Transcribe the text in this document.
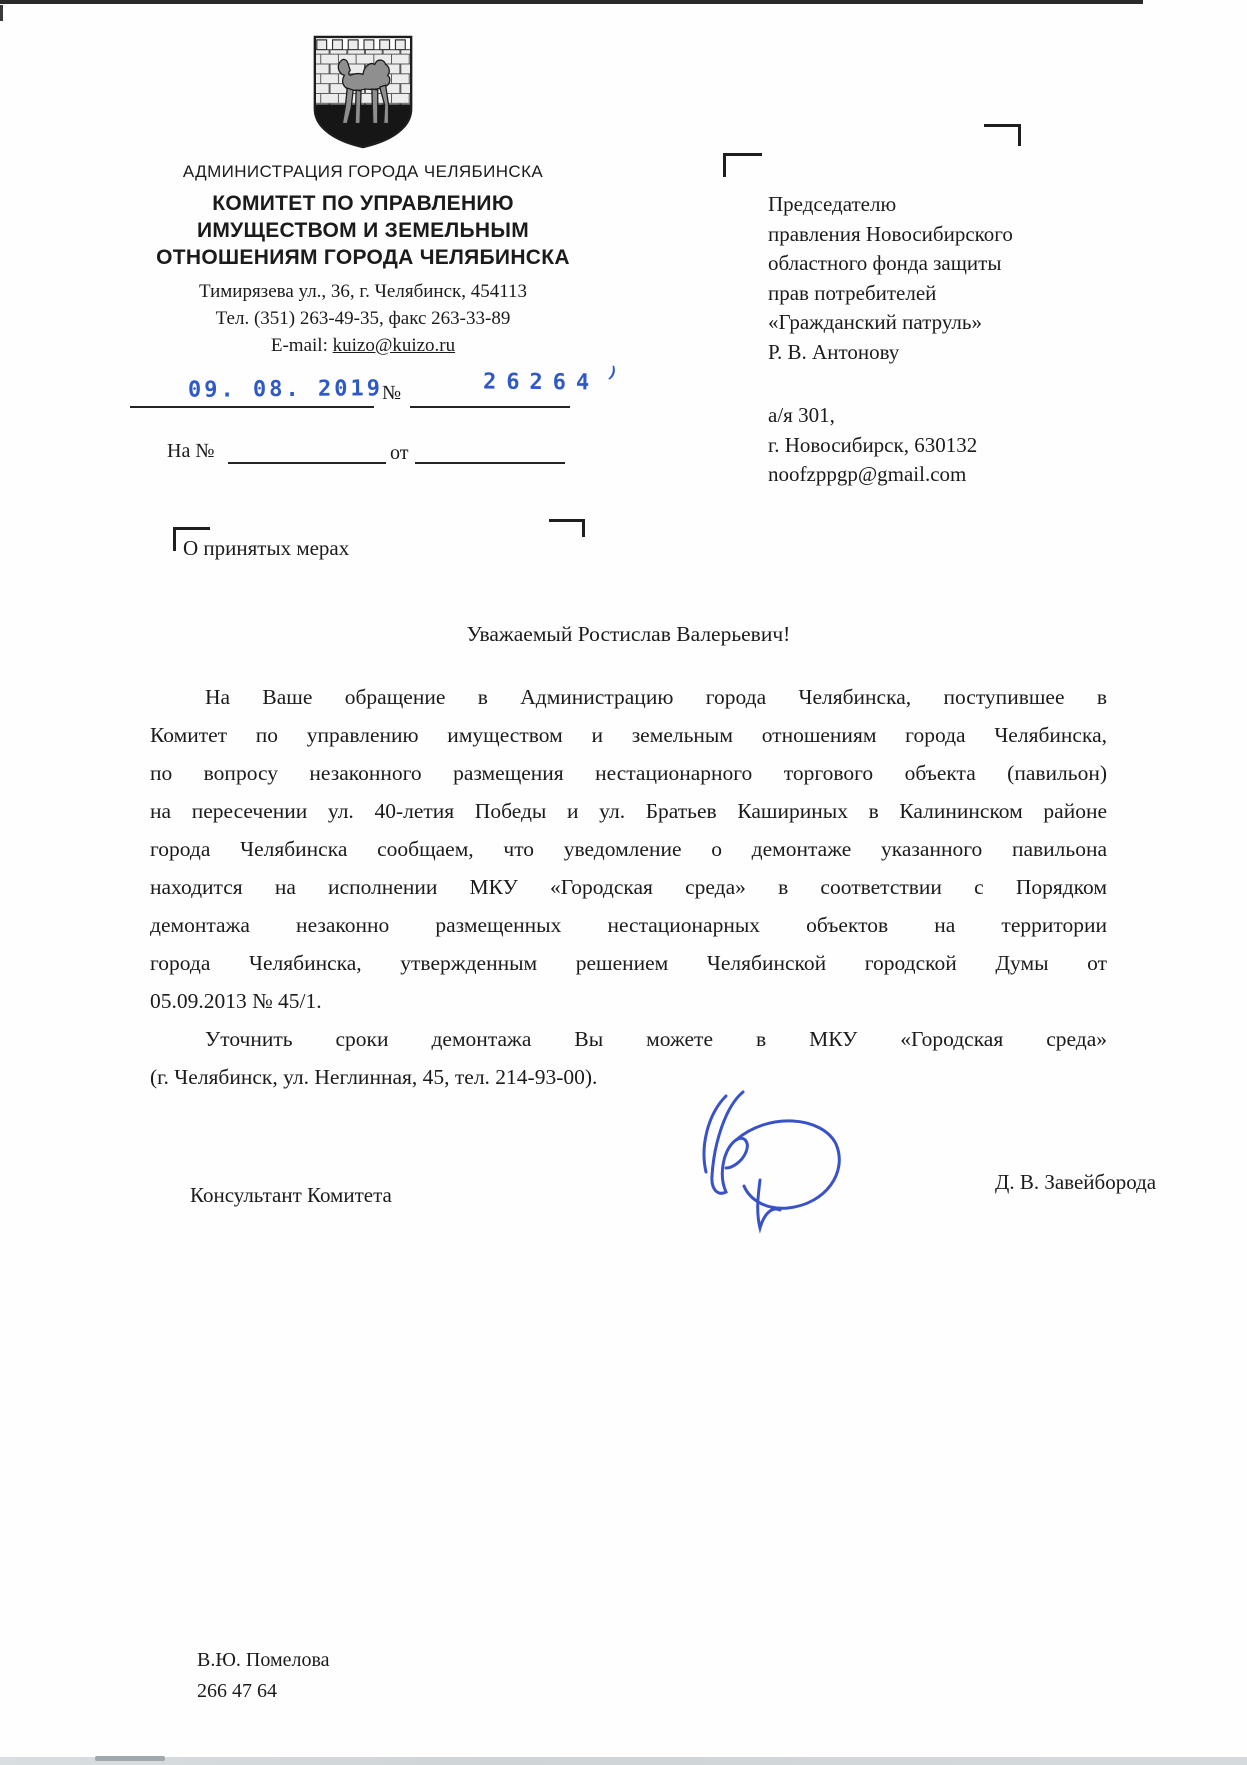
АДМИНИСТРАЦИЯ ГОРОДА ЧЕЛЯБИНСКА
КОМИТЕТ ПО УПРАВЛЕНИЮ
ИМУЩЕСТВОМ И ЗЕМЕЛЬНЫМ
ОТНОШЕНИЯМ ГОРОДА ЧЕЛЯБИНСКА
Тимирязева ул., 36, г. Челябинск, 454113
Тел. (351) 263-49-35, факс 263-33-89
E-mail: kuizo@kuizo.ru
09. 08. 2019
№	26264 )
На №	от
Председателю
правления Новосибирского
областного фонда защиты
прав потребителей
«Гражданский патруль»
Р. В. Антонову
а/я 301,
г. Новосибирск, 630132
noofzppgp@gmail.com
О принятых мерах
Уважаемый Ростислав Валерьевич!
На Ваше обращение в Администрацию города Челябинска, поступившее в
Комитет по управлению имуществом и земельным отношениям города Челябинска,
по вопросу незаконного размещения нестационарного торгового объекта (павильон)
на пересечении ул. 40-летия Победы и ул. Братьев Кашириных в Калининском районе
города Челябинска сообщаем, что уведомление о демонтаже указанного павильона
находится на исполнении МКУ «Городская среда» в соответствии с Порядком
демонтажа незаконно размещенных нестационарных объектов на территории
города Челябинска, утвержденным решением Челябинской городской Думы от
05.09.2013 № 45/1.
Уточнить сроки демонтажа Вы можете в МКУ «Городская среда»
(г. Челябинск, ул. Неглинная, 45, тел. 214-93-00).
Консультант Комитета
Д. В. Завейборода
В.Ю. Помелова
266 47 64
